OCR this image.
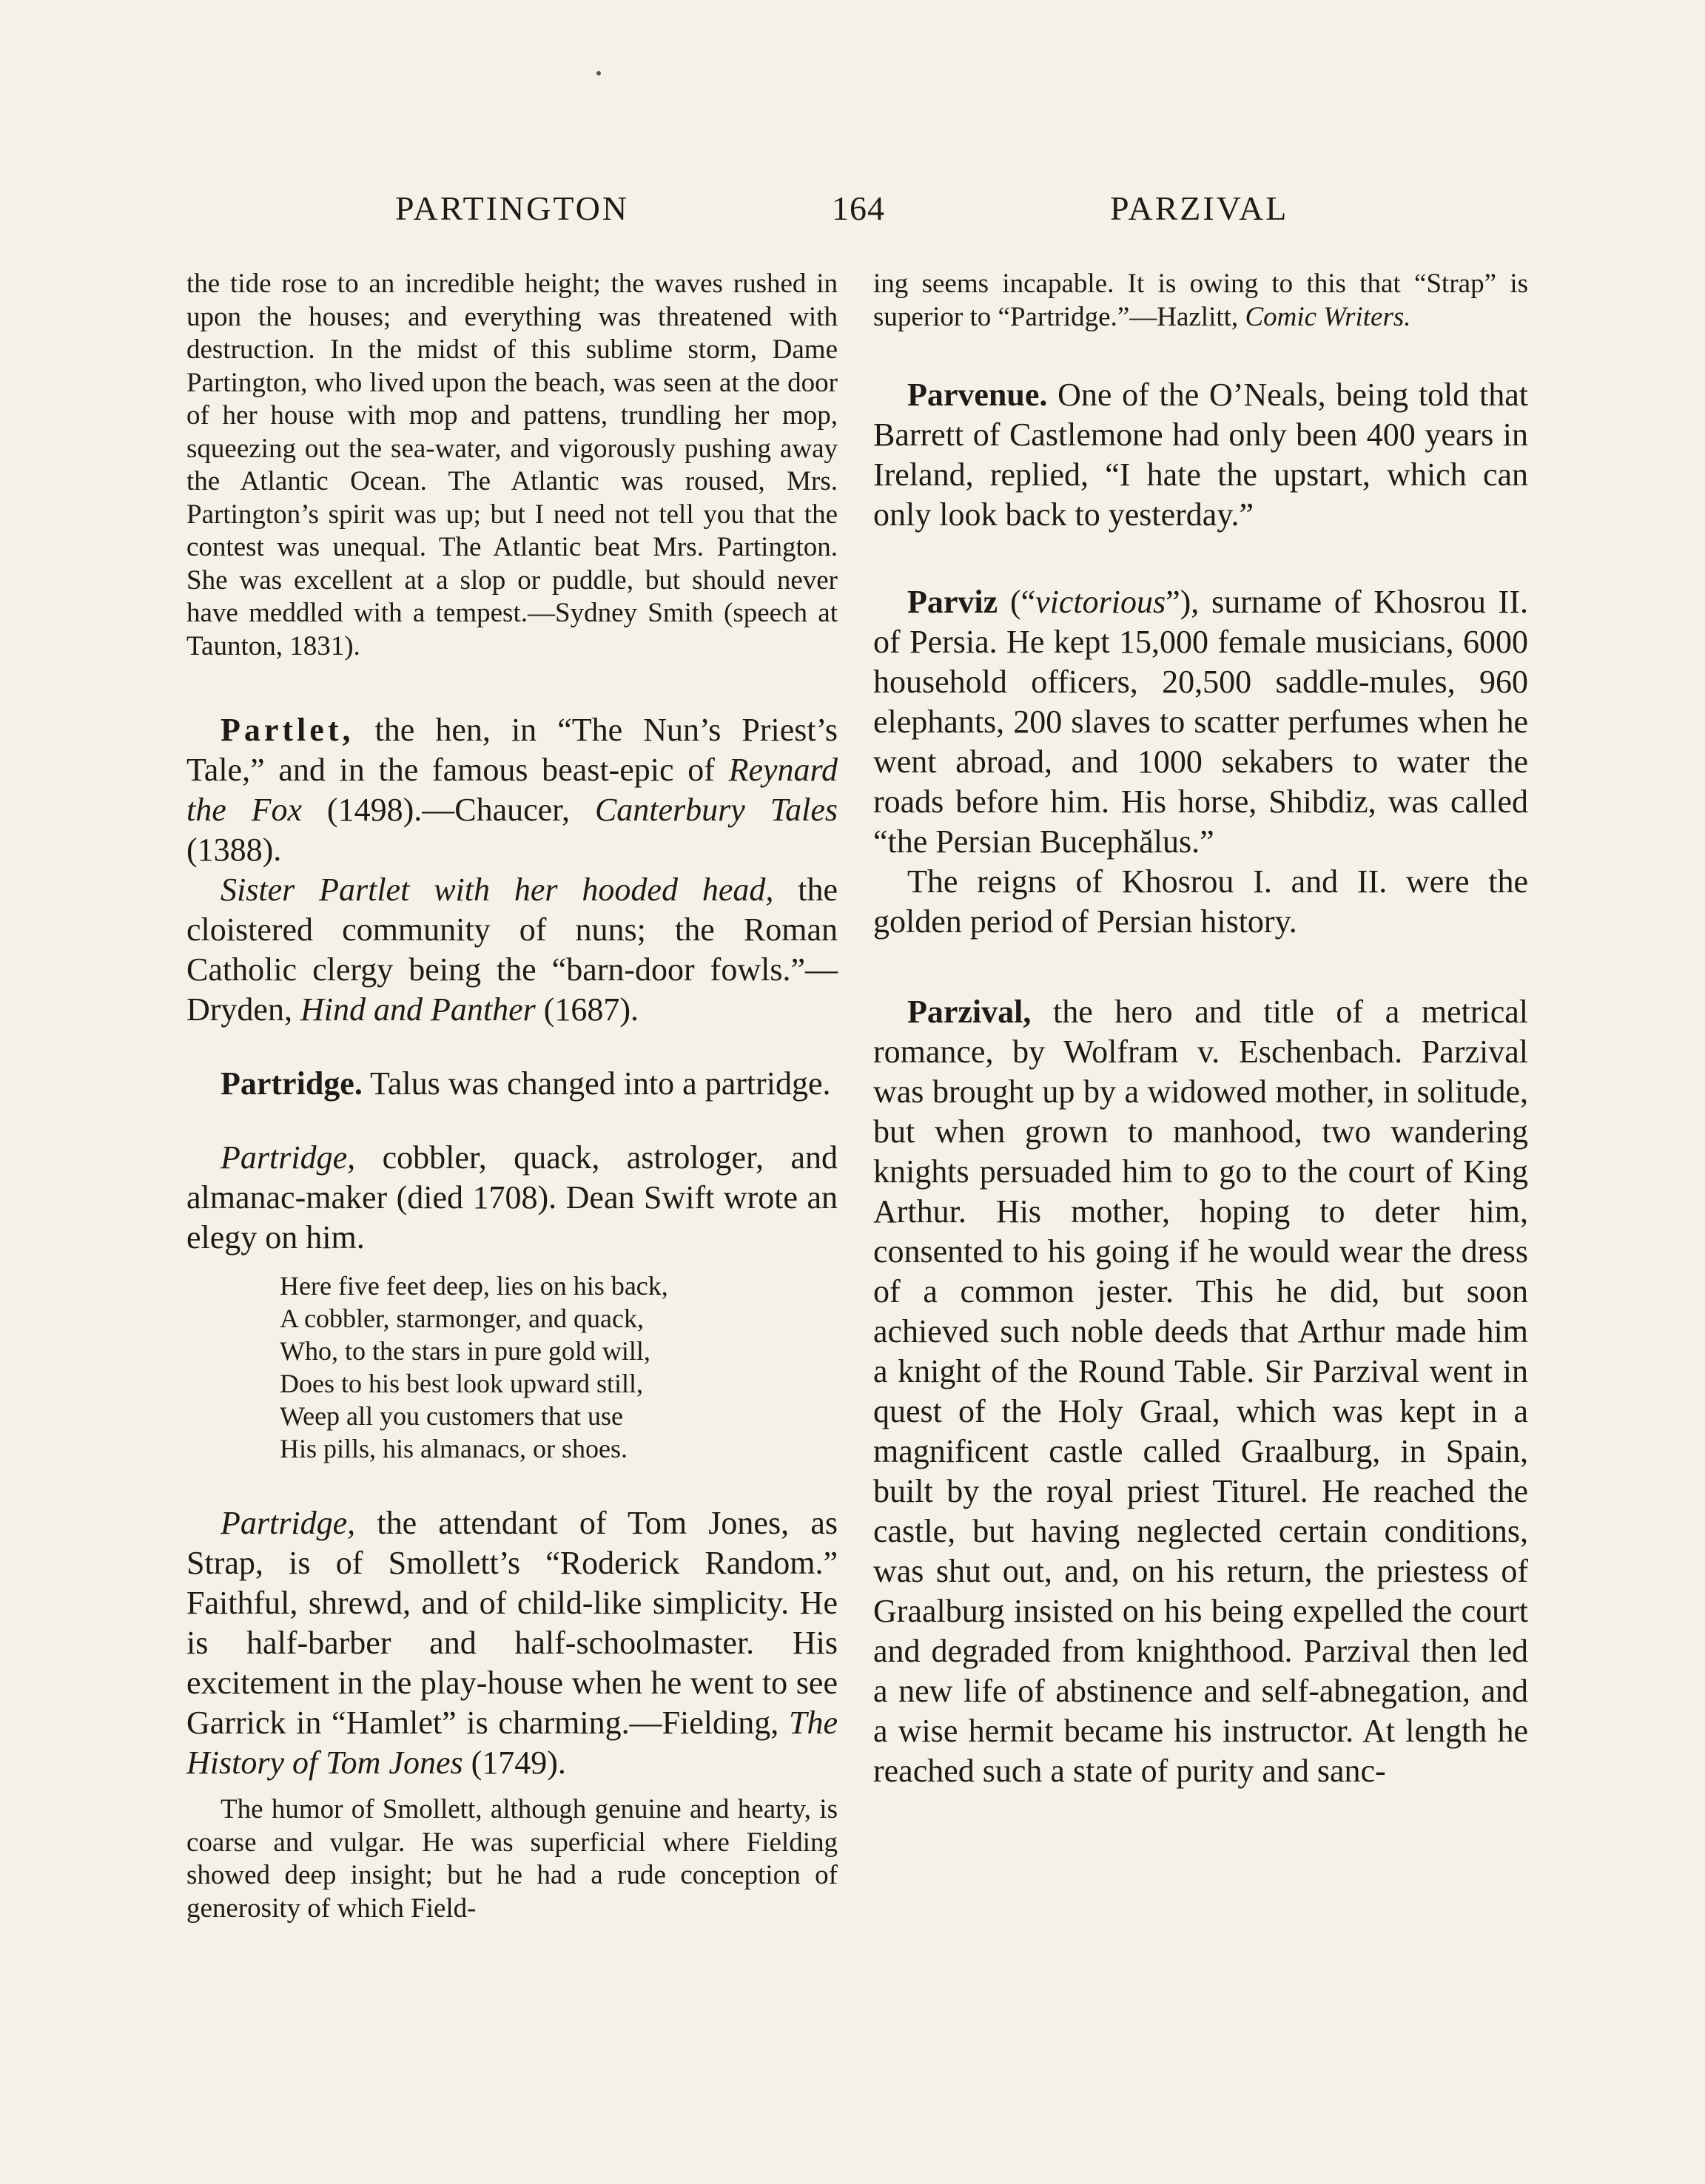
PARTINGTON	164	PARZIVAL

the tide rose to an incredible height; the waves rushed in upon the houses; and everything was threatened with destruction. In the midst of this sublime storm, Dame Partington, who lived upon the beach, was seen at the door of her house with mop and pattens, trundling her mop, squeezing out the sea-water, and vigorously pushing away the Atlantic Ocean. The Atlantic was roused, Mrs. Partington’s spirit was up; but I need not tell you that the contest was unequal. The Atlantic beat Mrs. Partington. She was excellent at a slop or puddle, but should never have meddled with a tempest.—Sydney Smith (speech at Taunton, 1831).

Partlet, the hen, in “The Nun’s Priest’s Tale,” and in the famous beast-epic of Reynard the Fox (1498).—Chaucer, Canterbury Tales (1388).

Sister Partlet with her hooded head, the cloistered community of nuns; the Roman Catholic clergy being the “barn-door fowls.”—Dryden, Hind and Panther (1687).

Partridge. Talus was changed into a partridge.

Partridge, cobbler, quack, astrologer, and almanac-maker (died 1708). Dean Swift wrote an elegy on him.

Here five feet deep, lies on his back,
A cobbler, starmonger, and quack,
Who, to the stars in pure gold will,
Does to his best look upward still,
Weep all you customers that use
His pills, his almanacs, or shoes.

Partridge, the attendant of Tom Jones, as Strap, is of Smollett’s “Roderick Random.” Faithful, shrewd, and of child-like simplicity. He is half-barber and half-schoolmaster. His excitement in the play-house when he went to see Garrick in “Hamlet” is charming.—Fielding, The History of Tom Jones (1749).

The humor of Smollett, although genuine and hearty, is coarse and vulgar. He was superficial where Fielding showed deep insight; but he had a rude conception of generosity of which Field-

ing seems incapable. It is owing to this that “Strap” is superior to “Partridge.”—Hazlitt, Comic Writers.

Parvenue. One of the O’Neals, being told that Barrett of Castlemone had only been 400 years in Ireland, replied, “I hate the upstart, which can only look back to yesterday.”

Parviz (“victorious”), surname of Khosrou II. of Persia. He kept 15,000 female musicians, 6000 household officers, 20,500 saddle-mules, 960 elephants, 200 slaves to scatter perfumes when he went abroad, and 1000 sekabers to water the roads before him. His horse, Shibdiz, was called “the Persian Bucephălus.”

The reigns of Khosrou I. and II. were the golden period of Persian history.

Parzival, the hero and title of a metrical romance, by Wolfram v. Eschenbach. Parzival was brought up by a widowed mother, in solitude, but when grown to manhood, two wandering knights persuaded him to go to the court of King Arthur. His mother, hoping to deter him, consented to his going if he would wear the dress of a common jester. This he did, but soon achieved such noble deeds that Arthur made him a knight of the Round Table. Sir Parzival went in quest of the Holy Graal, which was kept in a magnificent castle called Graalburg, in Spain, built by the royal priest Titurel. He reached the castle, but having neglected certain conditions, was shut out, and, on his return, the priestess of Graalburg insisted on his being expelled the court and degraded from knighthood. Parzival then led a new life of abstinence and self-abnegation, and a wise hermit became his instructor. At length he reached such a state of purity and sanc-
